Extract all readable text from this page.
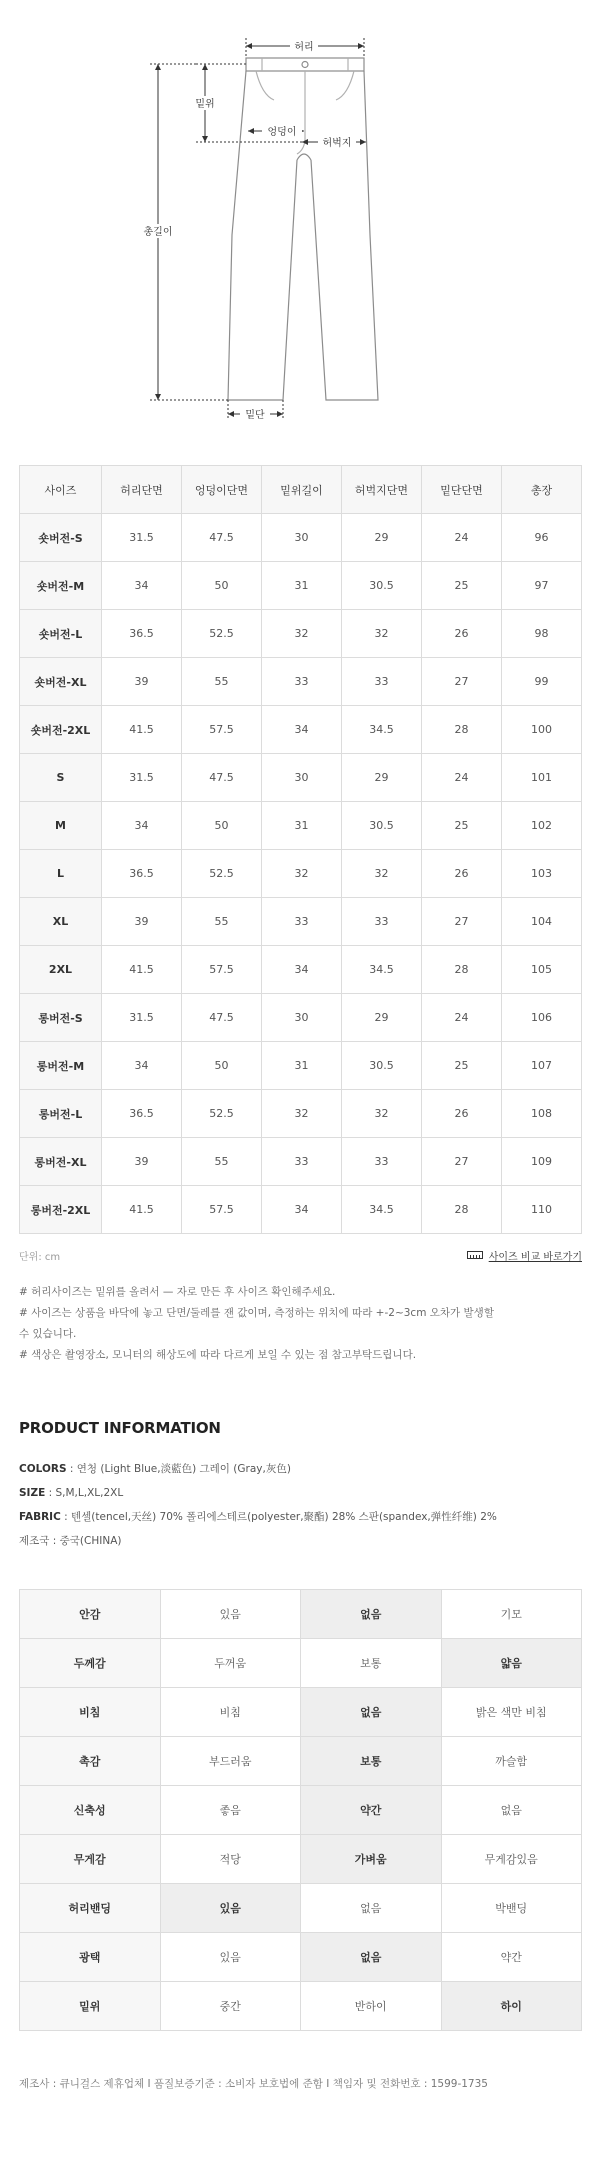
허리
밑위
엉덩이
허벅지
총길이
밑단
사이즈	허리단면	엉덩이단면	밑위길이	허벅지단면	밑단단면	총장
숏버전-S	31.5	47.5	30	29	24	96
숏버전-M	34	50	31	30.5	25	97
숏버전-L	36.5	52.5	32	32	26	98
숏버전-XL	39	55	33	33	27	99
숏버전-2XL	41.5	57.5	34	34.5	28	100
S	31.5	47.5	30	29	24	101
M	34	50	31	30.5	25	102
L	36.5	52.5	32	32	26	103
XL	39	55	33	33	27	104
2XL	41.5	57.5	34	34.5	28	105
롱버전-S	31.5	47.5	30	29	24	106
롱버전-M	34	50	31	30.5	25	107
롱버전-L	36.5	52.5	32	32	26	108
롱버전-XL	39	55	33	33	27	109
롱버전-2XL	41.5	57.5	34	34.5	28	110
단위: cm	사이즈 비교 바로가기

# 허리사이즈는 밑위를 올려서 — 자로 만든 후 사이즈 확인해주세요.

# 사이즈는 상품을 바닥에 놓고 단면/둘레를 잰 값이며, 측정하는 위치에 따라 +-2~3cm 오차가 발생할

수 있습니다.

# 색상은 촬영장소, 모니터의 해상도에 따라 다르게 보일 수 있는 점 참고부탁드립니다.

PRODUCT INFORMATION

COLORS : 연청 (Light Blue,淡藍色) 그레이 (Gray,灰色)

SIZE : S,M,L,XL,2XL

FABRIC : 텐셀(tencel,天丝) 70% 폴리에스테르(polyester,聚酯) 28% 스판(spandex,弹性纤维) 2%

제조국 : 중국(CHINA)

안감	있음	없음	기모
두께감	두꺼움	보통	얇음
비침	비침	없음	밝은 색만 비침
촉감	부드러움	보통	까슬함
신축성	좋음	약간	없음
무게감	적당	가벼움	무게감있음
허리밴딩	있음	없음	박밴딩
광택	있음	없음	약간
밑위	중간	반하이	하이
제조사 : 큐니걸스 제휴업체 I 품질보증기준 : 소비자 보호법에 준함 I 책임자 및 전화번호 : 1599-1735
